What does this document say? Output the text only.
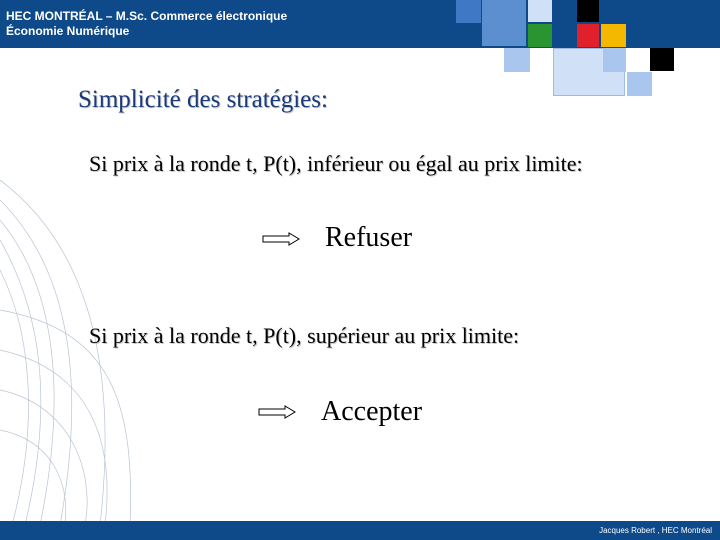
HEC MONTRÉAL – M.Sc. Commerce électronique
Économie Numérique
Simplicité des stratégies:
Si prix à la ronde t, P(t), inférieur ou égal au prix limite:
Refuser
Si prix à la ronde t, P(t), supérieur au prix limite:
Accepter
Jacques Robert , HEC Montréal
